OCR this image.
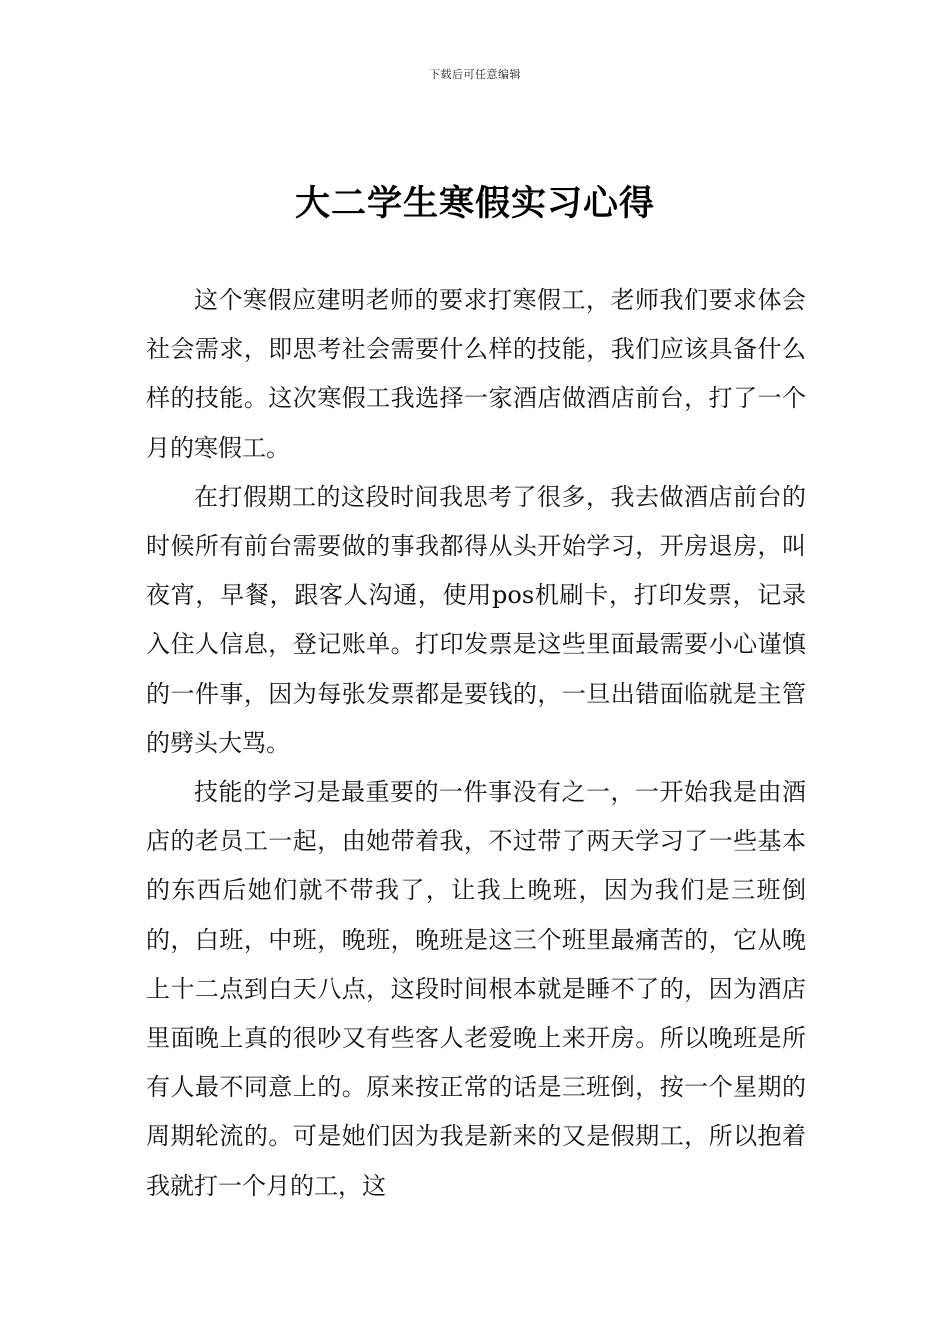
下载后可任意编辑
大二学生寒假实习心得

这个寒假应建明老师的要求打寒假工，老师我们要求体会社会需求，即思考社会需要什么样的技能，我们应该具备什么样的技能。这次寒假工我选择一家酒店做酒店前台，打了一个月的寒假工。

在打假期工的这段时间我思考了很多，我去做酒店前台的时候所有前台需要做的事我都得从头开始学习，开房退房，叫夜宵，早餐，跟客人沟通，使用pos机刷卡，打印发票，记录入住人信息，登记账单。打印发票是这些里面最需要小心谨慎的一件事，因为每张发票都是要钱的，一旦出错面临就是主管的劈头大骂。

技能的学习是最重要的一件事没有之一，一开始我是由酒店的老员工一起，由她带着我，不过带了两天学习了一些基本的东西后她们就不带我了，让我上晚班，因为我们是三班倒的，白班，中班，晚班，晚班是这三个班里最痛苦的，它从晚上十二点到白天八点，这段时间根本就是睡不了的，因为酒店里面晚上真的很吵又有些客人老爱晚上来开房。所以晚班是所有人最不同意上的。原来按正常的话是三班倒，按一个星期的周期轮流的。可是她们因为我是新来的又是假期工，所以抱着我就打一个月的工，这
